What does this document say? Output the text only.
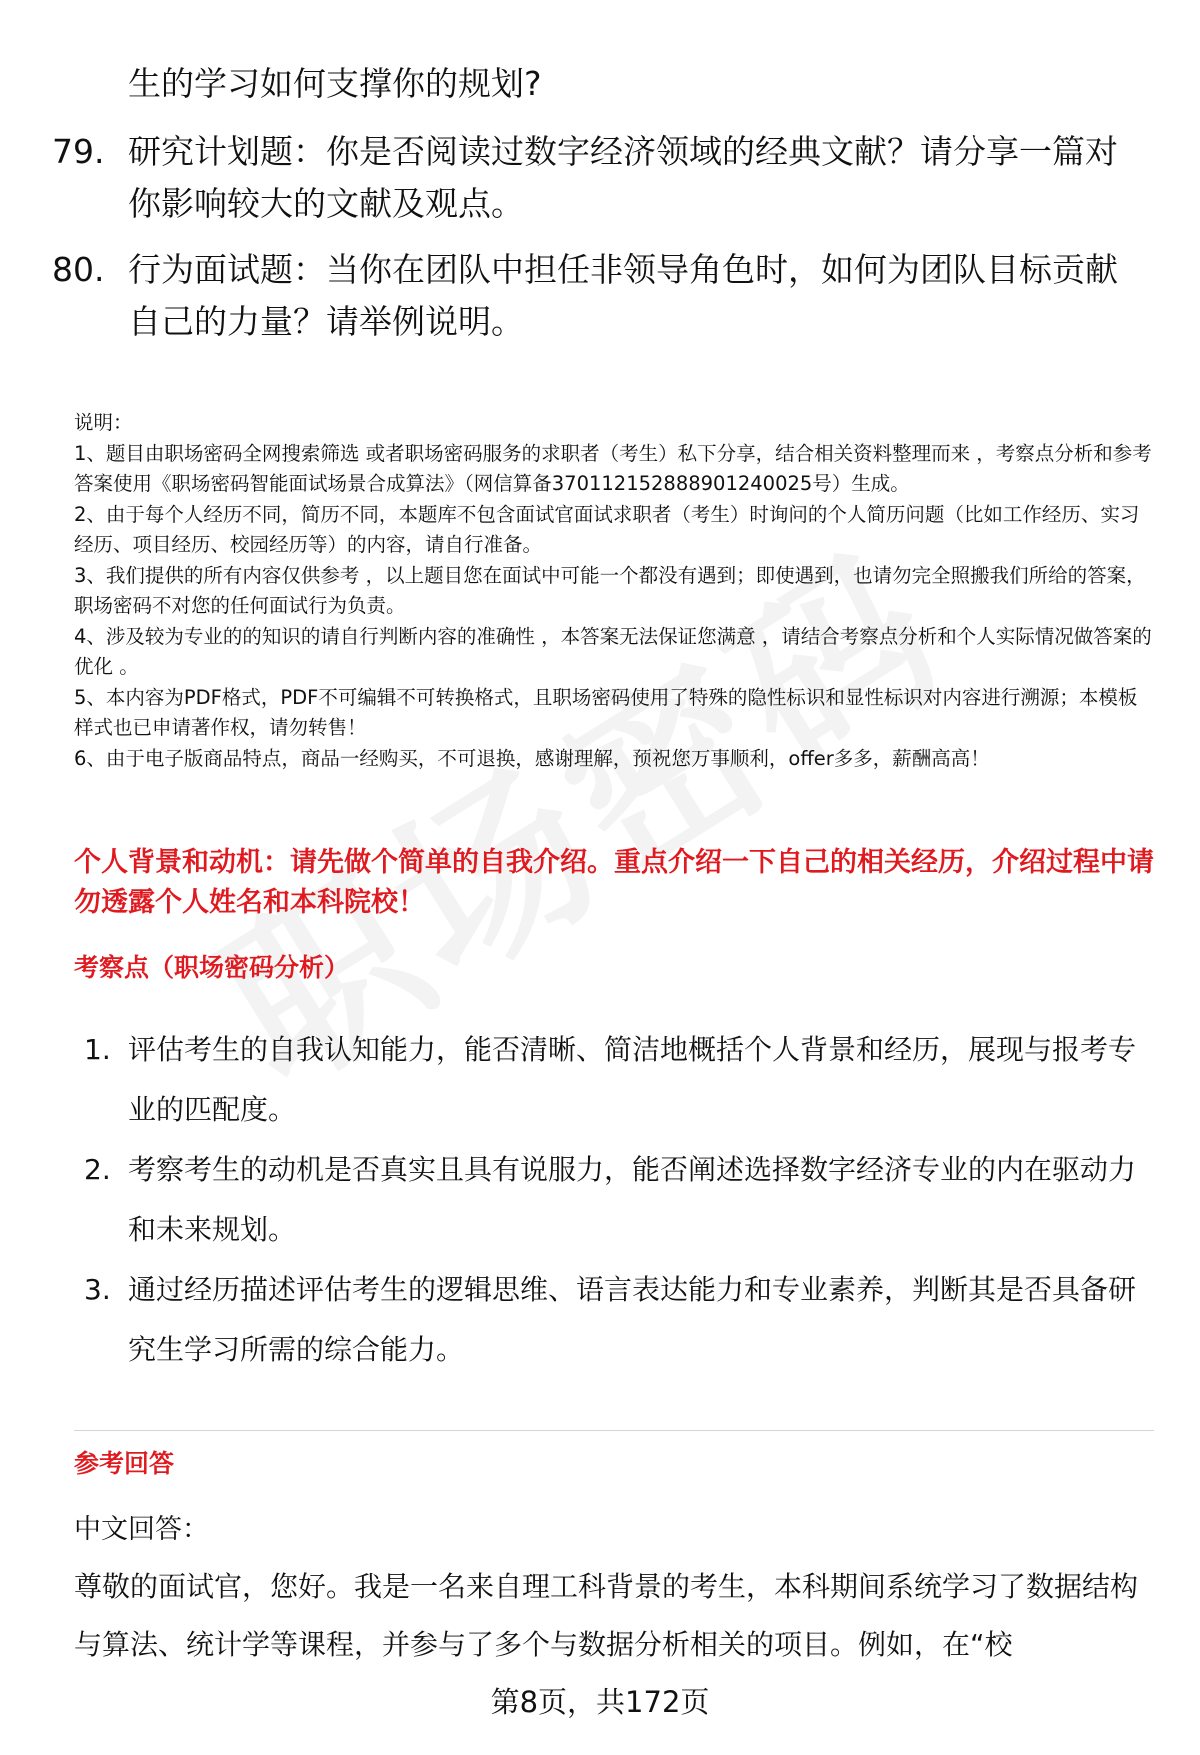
生的学习如何支撑你的规划?
79. 研究计划题：你是否阅读过数字经济领域的经典文献？请分享一篇对你影响较大的文献及观点。
80. 行为面试题：当你在团队中担任非领导角色时，如何为团队目标贡献自己的力量？请举例说明。

说明：

1、题目由职场密码全网搜索筛选 或者职场密码服务的求职者（考生）私下分享，结合相关资料整理而来 ，考察点分析和参考答案使用《职场密码智能面试场景合成算法》（网信算备370112152888901240025号）生成。

2、由于每个人经历不同，简历不同，本题库不包含面试官面试求职者（考生）时询问的个人简历问题（比如工作经历、实习经历、项目经历、校园经历等）的内容，请自行准备。

3、我们提供的所有内容仅供参考 ，以上题目您在面试中可能一个都没有遇到；即使遇到，也请勿完全照搬我们所给的答案，职场密码不对您的任何面试行为负责。

4、涉及较为专业的的知识的请自行判断内容的准确性 ，本答案无法保证您满意 ，请结合考察点分析和个人实际情况做答案的优化 。

5、本内容为PDF格式，PDF不可编辑不可转换格式，且职场密码使用了特殊的隐性标识和显性标识对内容进行溯源；本模板样式也已申请著作权，请勿转售！

6、由于电子版商品特点，商品一经购买，不可退换，感谢理解，预祝您万事顺利，offer多多，薪酬高高！

个人背景和动机：请先做个简单的自我介绍。重点介绍一下自己的相关经历，介绍过程中请勿透露个人姓名和本科院校！
考察点（职场密码分析）
1. 评估考生的自我认知能力，能否清晰、简洁地概括个人背景和经历，展现与报考专业的匹配度。
2. 考察考生的动机是否真实且具有说服力，能否阐述选择数字经济专业的内在驱动力和未来规划。
3. 通过经历描述评估考生的逻辑思维、语言表达能力和专业素养，判断其是否具备研究生学习所需的综合能力。
参考回答
中文回答：
尊敬的面试官，您好。我是一名来自理工科背景的考生，本科期间系统学习了数据结构与算法、统计学等课程，并参与了多个与数据分析相关的项目。例如，在“校
第8页，共172页
